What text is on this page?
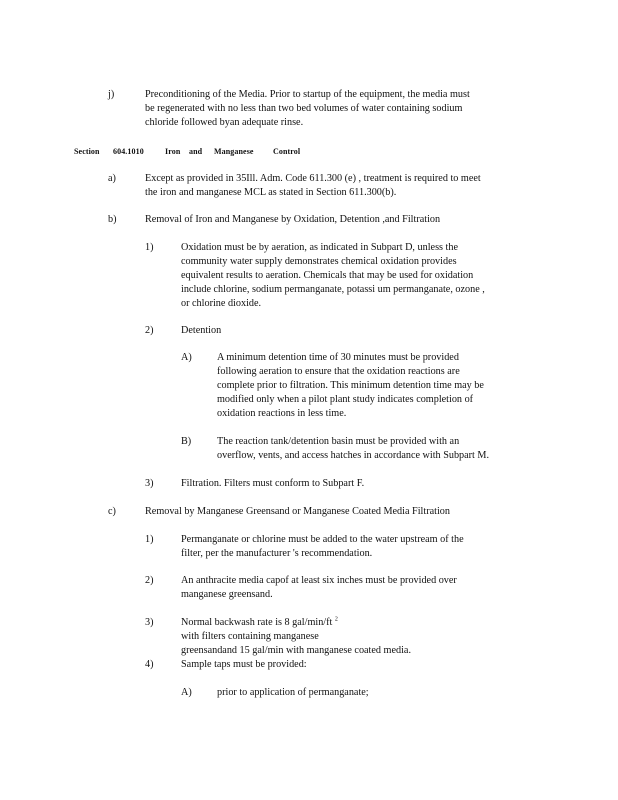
j)	Preconditioning of the Media. Prior to startup of the equipment, the media must
be regenerated with no less than two bed volumes of water containing sodium
chloride followed byan adequate rinse.
Section 604.1010	Iron and Manganese Control
a)	Except as provided in 35Ill. Adm. Code 611.300 (e) , treatment is required to meet
the iron and manganese MCL as stated in Section 611.300(b).
b)	Removal of Iron and Manganese by Oxidation, Detention ,and Filtration
1)	Oxidation must be by aeration, as indicated in Subpart D, unless the
community water supply demonstrates chemical oxidation provides
equivalent results to aeration. Chemicals that may be used for oxidation
include chlorine, sodium permanganate, potassi um permanganate, ozone ,
or chlorine dioxide.
2)	Detention
A) A minimum detention time of 30 minutes must be provided
following aeration to ensure that the oxidation reactions are
complete prior to filtration. This minimum detention time may be
modified only when a pilot plant study indicates completion of
oxidation reactions in less time.
B)	The reaction tank/detention basin must be provided with an
overflow, vents, and access hatches in accordance with Subpart M.
3)	Filtration. Filters must conform to Subpart F.
c)	Removal by Manganese Greensand or Manganese Coated Media Filtration
1)	Permanganate or chlorine must be added to the water upstream of the
filter, per the manufacturer 's recommendation.
2)	An anthracite media capof at least six inches must be provided over
manganese greensand.
3)	Normal backwash rate is 8 gal/min/ft $^2$
with filters containing manganese
greensandand 15 gal/min with manganese coated media.
4)	Sample taps must be provided:
A) prior to application of permanganate;
